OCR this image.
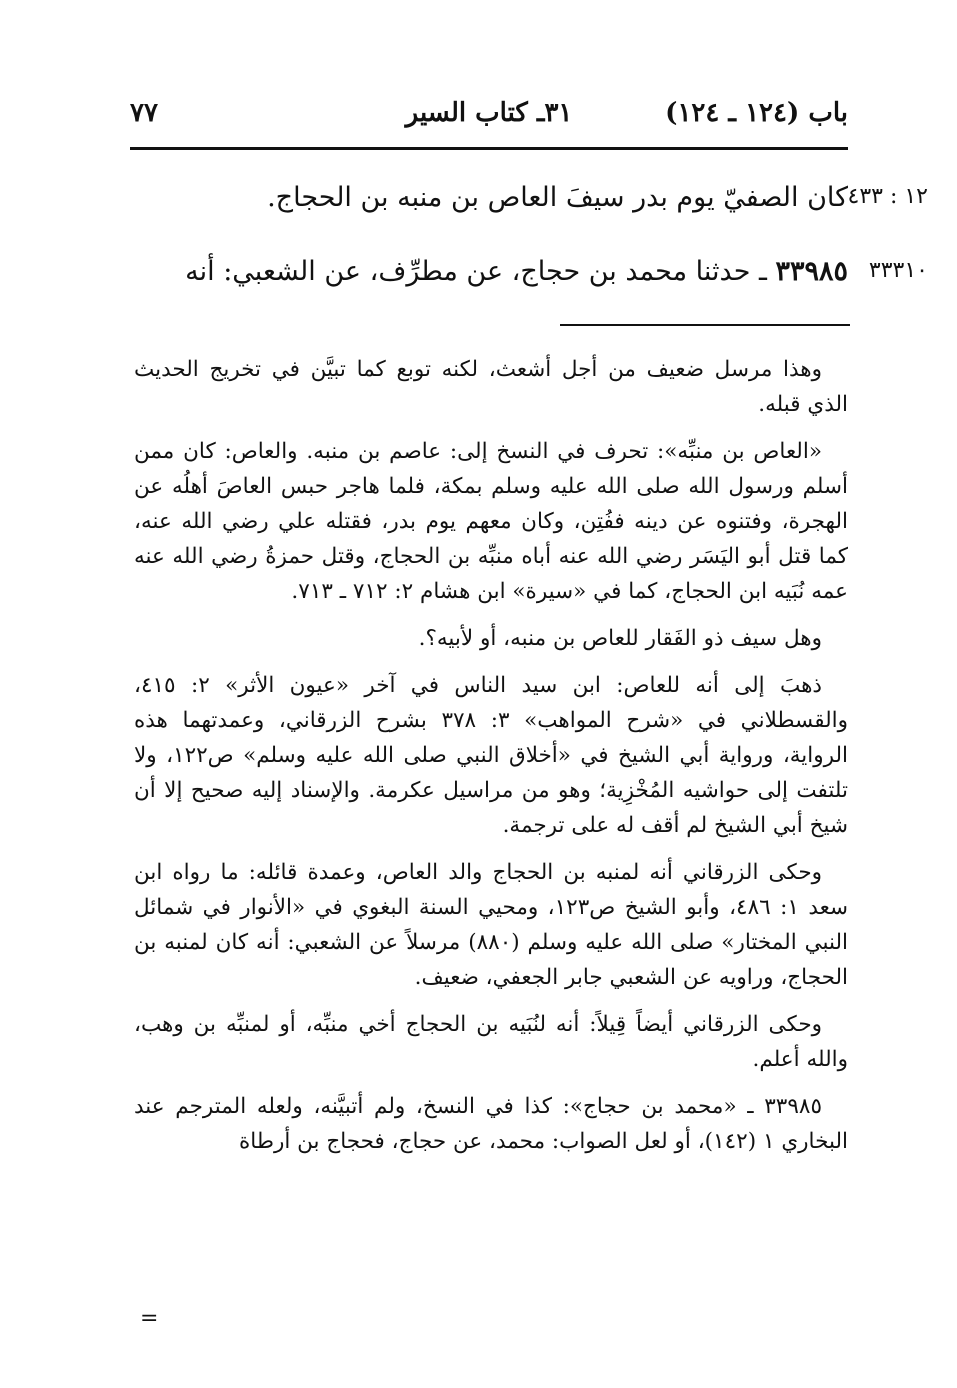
باب (١٢٤ ـ ١٢٤)
٣١ـ كتاب السير
٧٧
١٢ : ٤٣٣
كان الصفيّ يوم بدر سيفَ العاص بن منبه بن الحجاج.
٣٣٣١٠
٣٣٩٨٥ ـ حدثنا محمد بن حجاج، عن مطرِّف، عن الشعبي: أنه

وهذا مرسل ضعيف من أجل أشعث، لكنه توبع كما تبيَّن في تخريج الحديث الذي قبله.

«العاص بن منبِّه»: تحرف في النسخ إلى: عاصم بن منبه. والعاص: كان ممن أسلم ورسول الله صلى الله عليه وسلم بمكة، فلما هاجر حبس العاصَ أهلُه عن الهجرة، وفتنوه عن دينه ففُتِن، وكان معهم يوم بدر، فقتله علي رضي الله عنه، كما قتل أبو اليَسَر رضي الله عنه أباه منبِّه بن الحجاج، وقتل حمزةُ رضي الله عنه عمه نُبَيه ابن الحجاج، كما في «سيرة» ابن هشام ٢: ٧١٢ ـ ٧١٣.

وهل سيف ذو الفَقار للعاص بن منبه، أو لأبيه؟.

ذهبَ إلى أنه للعاص: ابن سيد الناس في آخر «عيون الأثر» ٢: ٤١٥، والقسطلاني في «شرح المواهب» ٣: ٣٧٨ بشرح الزرقاني، وعمدتهما هذه الرواية، ورواية أبي الشيخ في «أخلاق النبي صلى الله عليه وسلم» ص١٢٢، ولا تلتفت إلى حواشيه المُخْزِية؛ وهو من مراسيل عكرمة. والإسناد إليه صحيح إلا أن شيخ أبي الشيخ لم أقف له على ترجمة.

وحكى الزرقاني أنه لمنبه بن الحجاج والد العاص، وعمدة قائله: ما رواه ابن سعد ١: ٤٨٦، وأبو الشيخ ص١٢٣، ومحيي السنة البغوي في «الأنوار في شمائل النبي المختار» صلى الله عليه وسلم (٨٨٠) مرسلاً عن الشعبي: أنه كان لمنبه بن الحجاج، وراويه عن الشعبي جابر الجعفي، ضعيف.

وحكى الزرقاني أيضاً قِيلاً: أنه لنُبَيه بن الحجاج أخي منبِّه، أو لمنبِّه بن وهب، والله أعلم.

٣٣٩٨٥ ـ «محمد بن حجاج»: كذا في النسخ، ولم أتبيَّنه، ولعله المترجم عند البخاري ١ (١٤٢)، أو لعل الصواب: محمد، عن حجاج، فحجاج بن أرطاة

=
